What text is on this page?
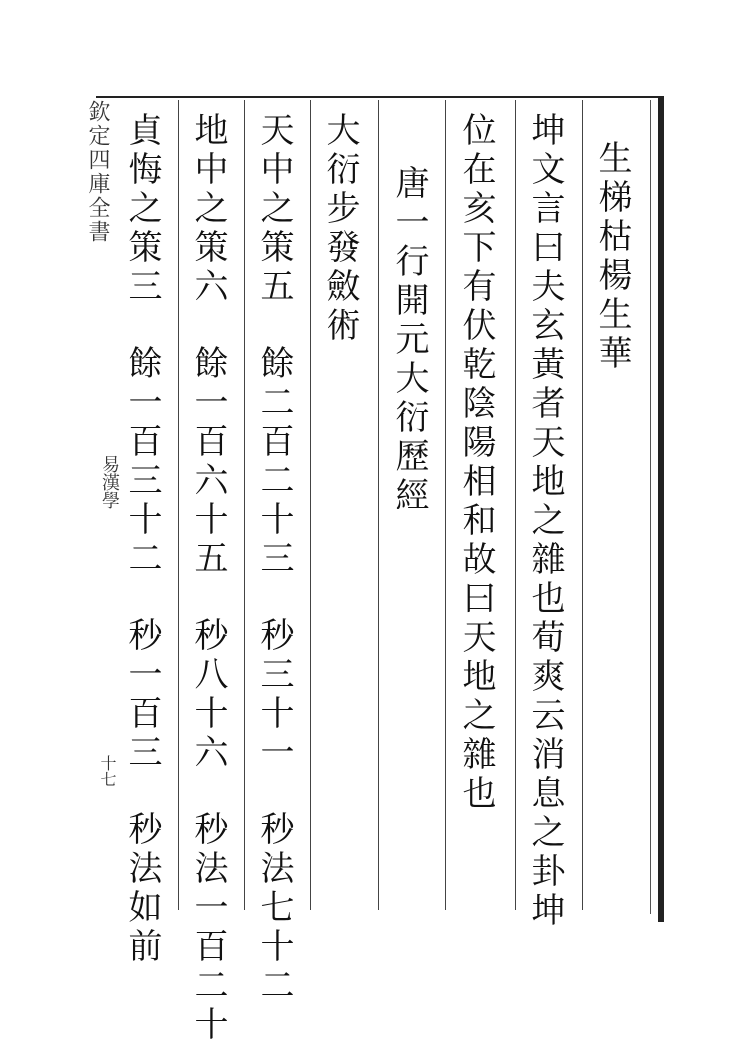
欽定四庫全書
易漢學
十七
生梯枯楊生華
坤文言曰夫玄黃者天地之雜也荀爽云消息之卦坤
位在亥下有伏乾陰陽相和故曰天地之雜也
唐一行開元大衍歷經
大衍步發斂術
天中之策五餘二百二十三秒三十一秒法七十二
地中之策六餘一百六十五秒八十六秒法一百二十
貞悔之策三餘一百三十二秒一百三秒法如前
